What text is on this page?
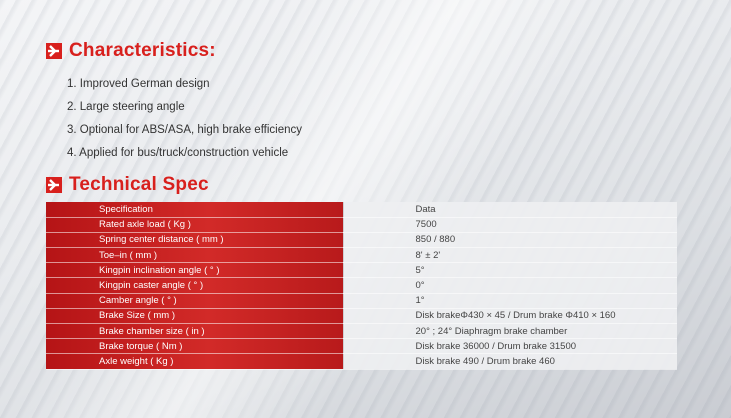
Characteristics:
1. Improved German design
2. Large steering angle
3. Optional for ABS/ASA, high brake efficiency
4. Applied for bus/truck/construction vehicle
Technical Spec
Specification	Data
Rated axle load ( Kg )	7500
Spring center distance ( mm )	850 / 880
Toe–in ( mm )	8' ± 2'
Kingpin inclination angle ( ° )	5°
Kingpin caster angle ( ° )	0°
Camber angle ( ° )	1°
Brake Size ( mm )	Disk brakeΦ430 × 45 / Drum brake Φ410 × 160
Brake chamber size ( in )	20° ; 24° Diaphragm brake chamber
Brake torque ( Nm )	Disk brake 36000 / Drum brake 31500
Axle weight ( Kg )	Disk brake 490 / Drum brake 460
